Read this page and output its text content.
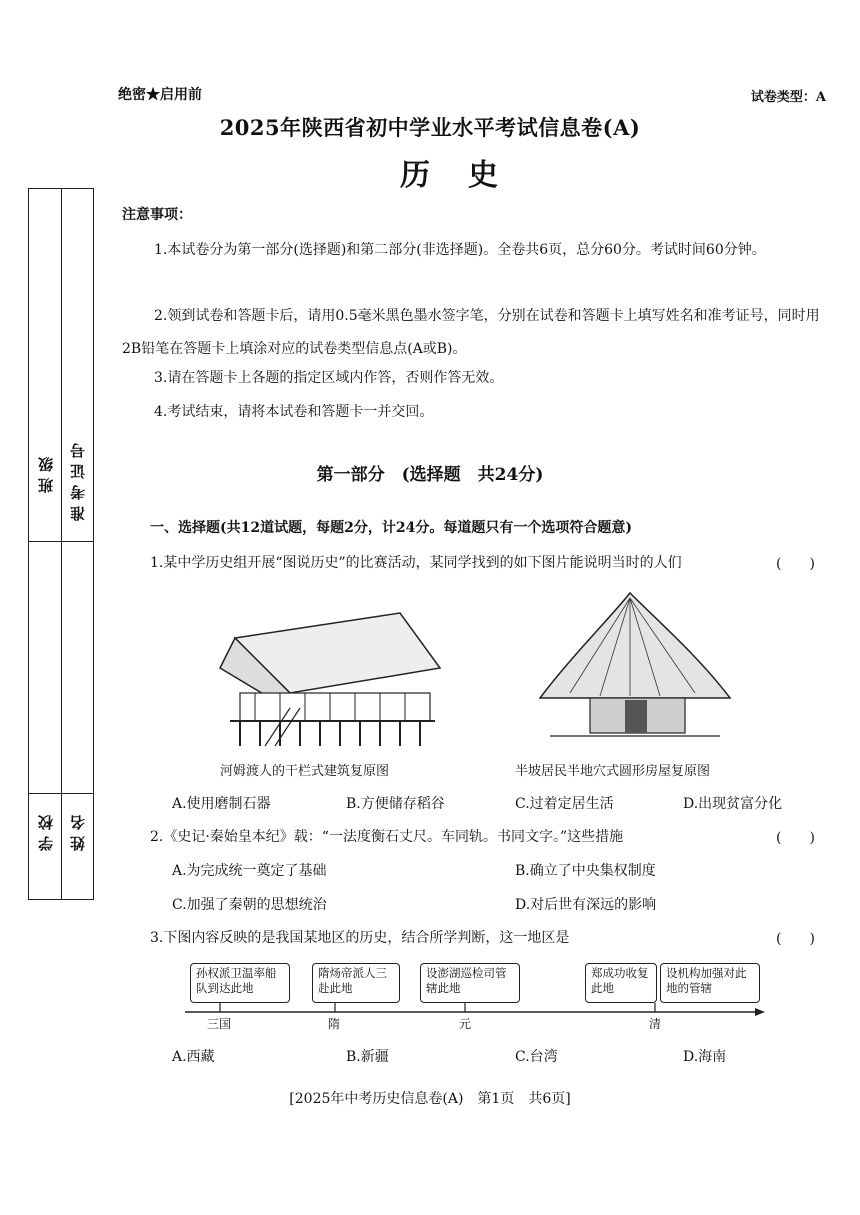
绝密★启用前	试卷类型：A
2025年陕西省初中学业水平考试信息卷(A)
历史
班级 准考证号
学校 姓名
注意事项：
1.本试卷分为第一部分(选择题)和第二部分(非选择题)。全卷共6页，总分60分。考试时间60分钟。
2.领到试卷和答题卡后，请用0.5毫米黑色墨水签字笔，分别在试卷和答题卡上填写姓名和准考证号，同时用2B铅笔在答题卡上填涂对应的试卷类型信息点(A或B)。
3.请在答题卡上各题的指定区域内作答，否则作答无效。
4.考试结束，请将本试卷和答题卡一并交回。
第一部分　(选择题　共24分)
一、选择题(共12道试题，每题2分，计24分。每道题只有一个选项符合题意)
1.某中学历史组开展“图说历史”的比赛活动，某同学找到的如下图片能说明当时的人们	(　　)
河姆渡人的干栏式建筑复原图	半坡居民半地穴式圆形房屋复原图
A.使用磨制石器	B.方便储存稻谷	C.过着定居生活	D.出现贫富分化
2.《史记·秦始皇本纪》载：“一法度衡石丈尺。车同轨。书同文字。”这些措施	(　　)
A.为完成统一奠定了基础	B.确立了中央集权制度
C.加强了秦朝的思想统治	D.对后世有深远的影响
3.下图内容反映的是我国某地区的历史，结合所学判断，这一地区是	(　　)
孙权派卫温率船队到达此地
隋炀帝派人三赴此地
设澎湖巡检司管辖此地
郑成功收复此地
设机构加强对此地的管辖
三国	隋	元	清
A.西藏	B.新疆	C.台湾	D.海南
[2025年中考历史信息卷(A)　第1页　共6页]
